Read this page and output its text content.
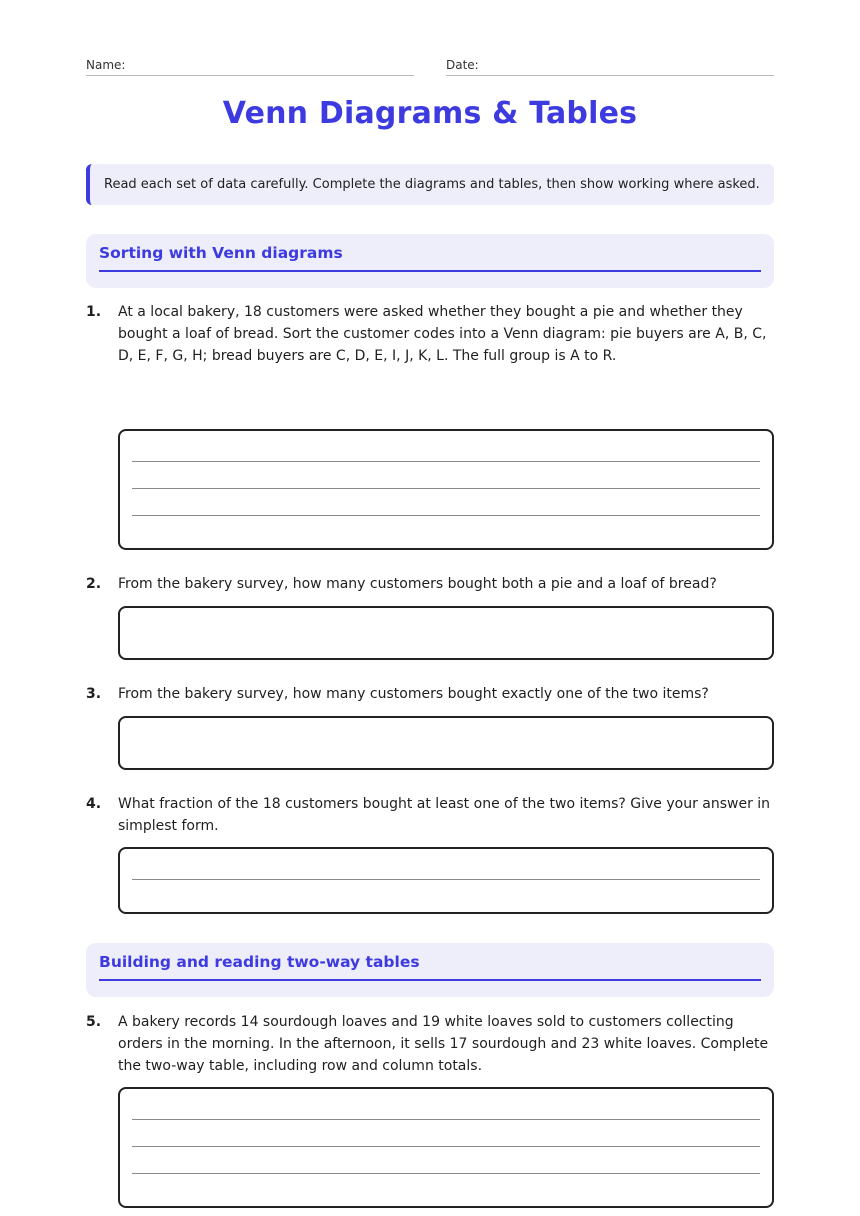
Name:	Date:
Venn Diagrams & Tables
Read each set of data carefully. Complete the diagrams and tables, then show working where asked.
Sorting with Venn diagrams
1. At a local bakery, 18 customers were asked whether they bought a pie and whether they bought a loaf of bread. Sort the customer codes into a Venn diagram: pie buyers are A, B, C, D, E, F, G, H; bread buyers are C, D, E, I, J, K, L. The full group is A to R.
2. From the bakery survey, how many customers bought both a pie and a loaf of bread?
3. From the bakery survey, how many customers bought exactly one of the two items?
4. What fraction of the 18 customers bought at least one of the two items? Give your answer in simplest form.
Building and reading two-way tables
5. A bakery records 14 sourdough loaves and 19 white loaves sold to customers collecting orders in the morning. In the afternoon, it sells 17 sourdough and 23 white loaves. Complete the two-way table, including row and column totals.
